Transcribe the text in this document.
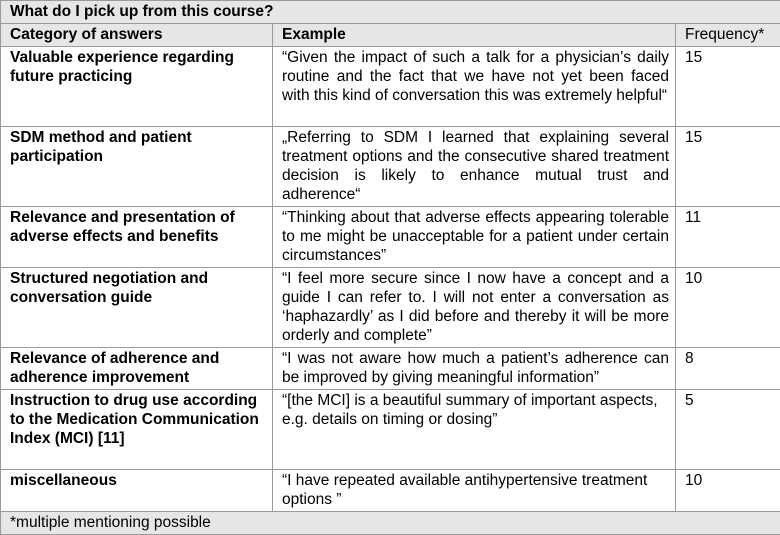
What do I pick up from this course?		
Category of answers	Example	Frequency*
Valuable experience regarding future practicing	“Given the impact of such a talk for a physician’s daily routine and the fact that we have not yet been faced with this kind of conversation this was extremely helpful“	15
SDM method and patient participation	„Referring to SDM I learned that explaining several treatment options and the consecutive shared treatment decision is likely to enhance mutual trust and adherence“	15
Relevance and presentation of adverse effects and benefits	“Thinking about that adverse effects appearing tolerable to me might be unacceptable for a patient under certain circumstances”	11
Structured negotiation and conversation guide	“I feel more secure since I now have a concept and a guide I can refer to. I will not enter a conversation as ‘haphazardly’ as I did before and thereby it will be more orderly and complete”	10
Relevance of adherence and adherence improvement	“I was not aware how much a patient’s adherence can be improved by giving meaningful information”	8
Instruction to drug use according to the Medication Communication Index (MCI) [11]	“[the MCI] is a beautiful summary of important aspects, e.g. details on timing or dosing”	5
miscellaneous	“I have repeated available antihypertensive treatment options ”	10
*multiple mentioning possible		
